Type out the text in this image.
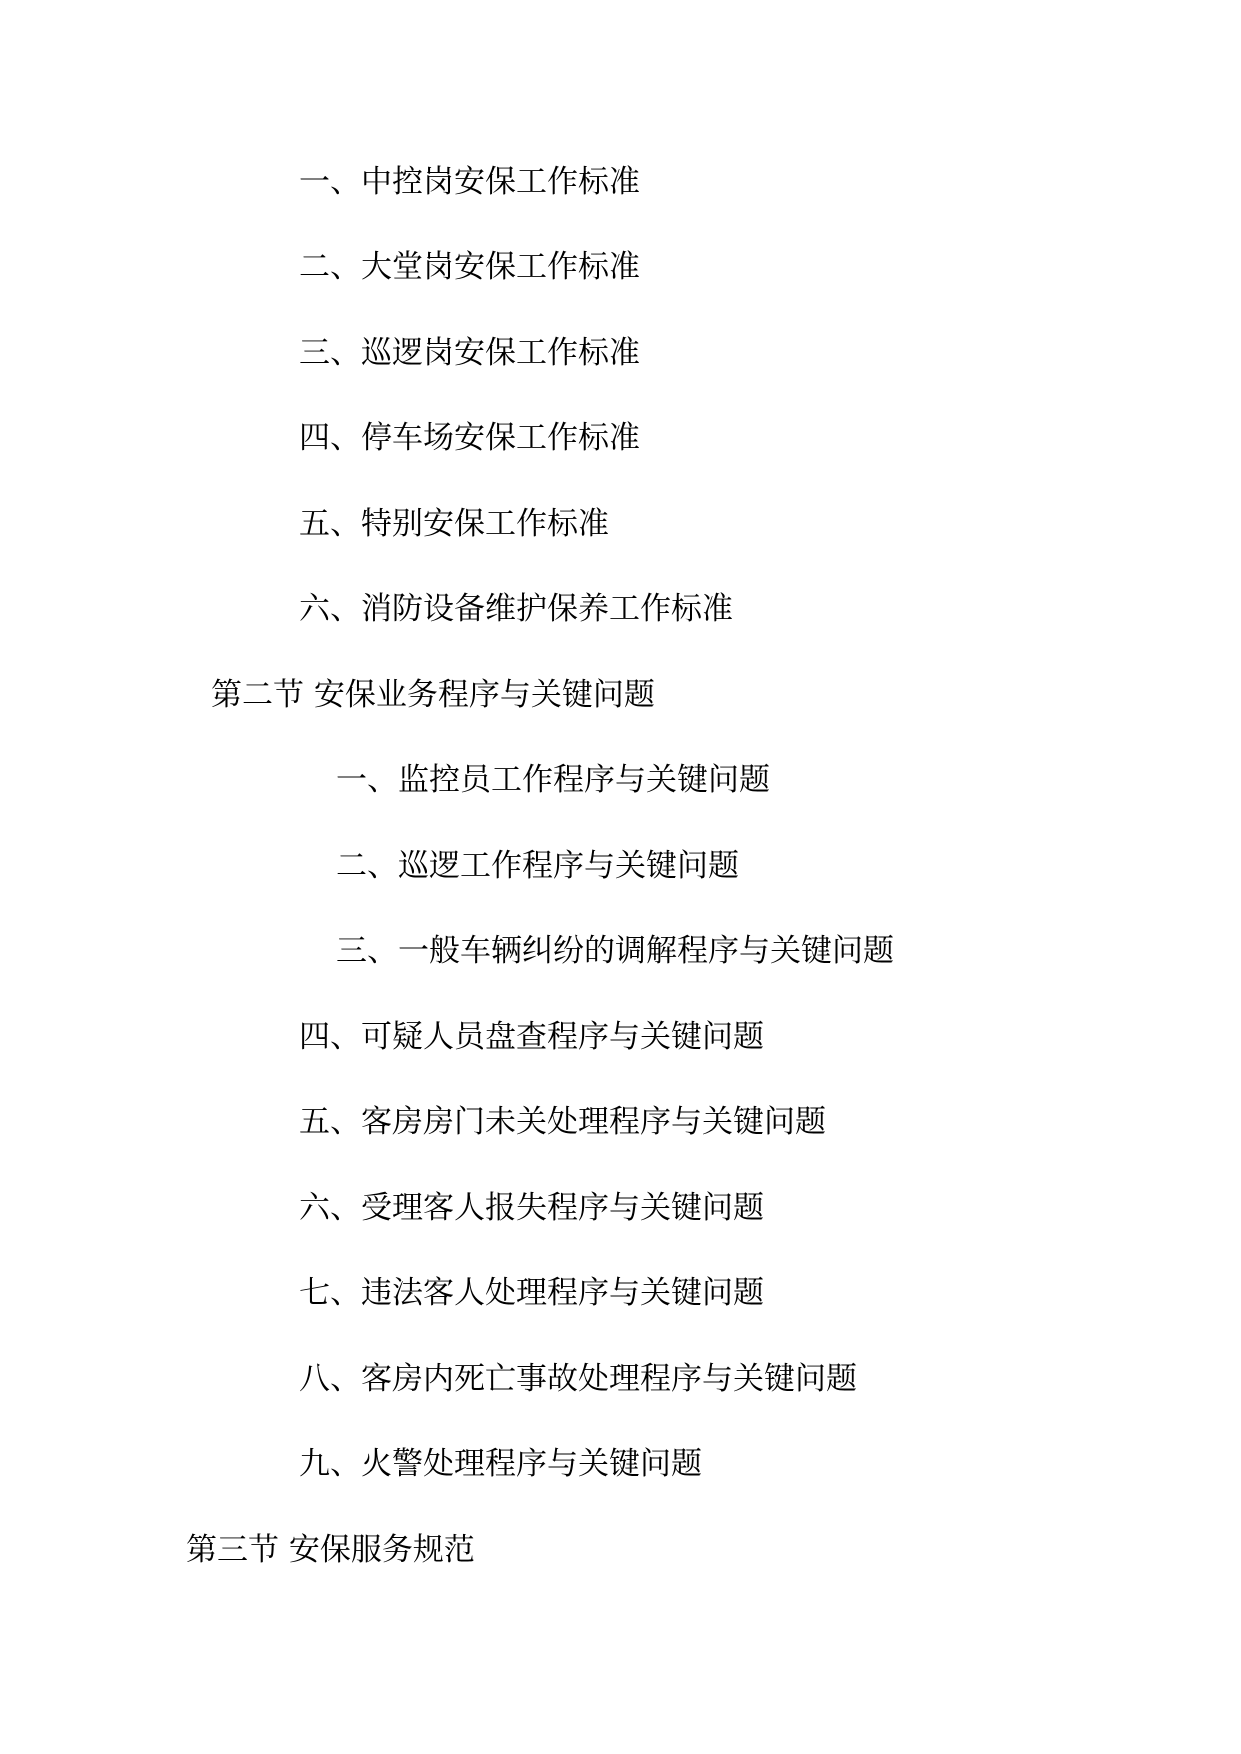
一、中控岗安保工作标准
二、大堂岗安保工作标准
三、巡逻岗安保工作标准
四、停车场安保工作标准
五、特别安保工作标准
六、消防设备维护保养工作标准
第二节 安保业务程序与关键问题
一、监控员工作程序与关键问题
二、巡逻工作程序与关键问题
三、一般车辆纠纷的调解程序与关键问题
四、可疑人员盘查程序与关键问题
五、客房房门未关处理程序与关键问题
六、受理客人报失程序与关键问题
七、违法客人处理程序与关键问题
八、客房内死亡事故处理程序与关键问题
九、火警处理程序与关键问题
第三节 安保服务规范
